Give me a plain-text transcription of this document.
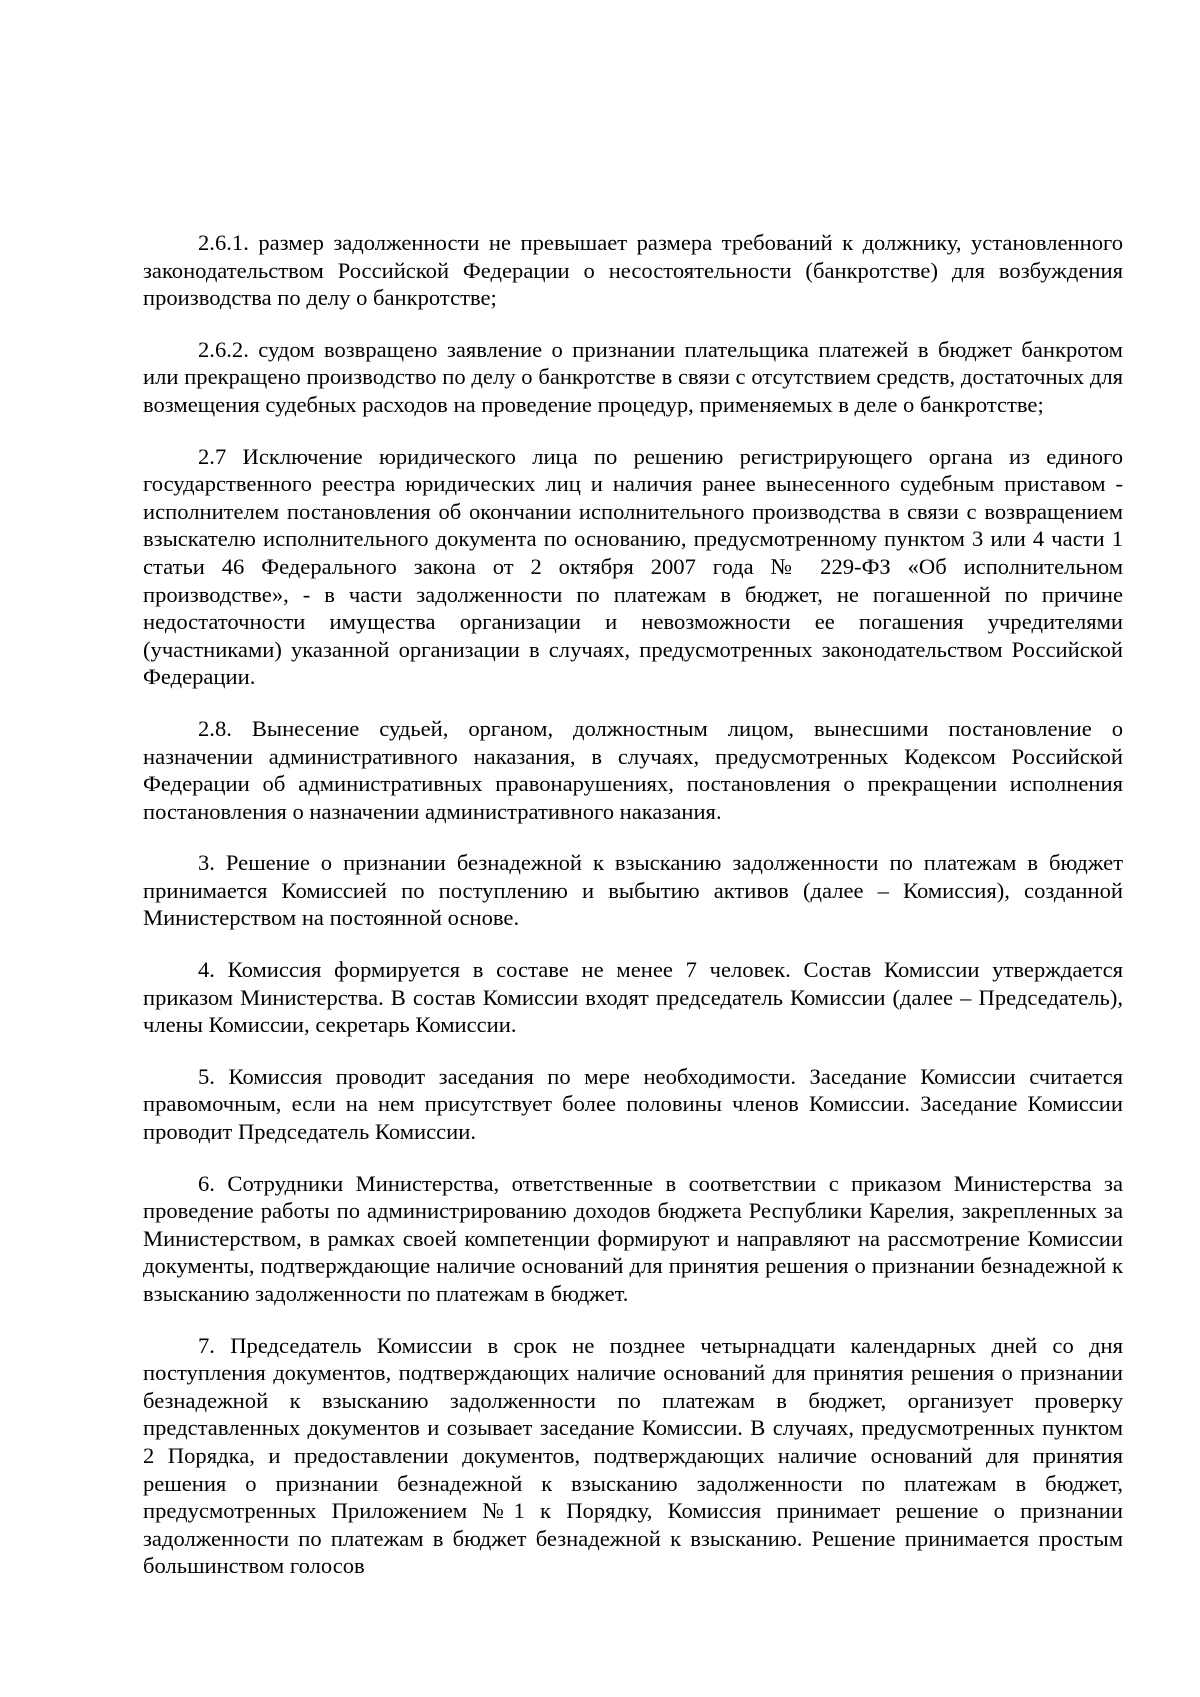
2.6.1. размер задолженности не превышает размера требований к должнику, установленного законодательством Российской Федерации о несостоятельности (банкротстве) для возбуждения производства по делу о банкротстве;

2.6.2. судом возвращено заявление о признании плательщика платежей в бюджет банкротом или прекращено производство по делу о банкротстве в связи с отсутствием средств, достаточных для возмещения судебных расходов на проведение процедур, применяемых в деле о банкротстве;

2.7 Исключение юридического лица по решению регистрирующего органа из единого государственного реестра юридических лиц и наличия ранее вынесенного судебным приставом - исполнителем постановления об окончании исполнительного производства в связи с возвращением взыскателю исполнительного документа по основанию, предусмотренному пунктом 3 или 4 части 1 статьи 46 Федерального закона от 2 октября 2007 года № 229-ФЗ «Об исполнительном производстве», - в части задолженности по платежам в бюджет, не погашенной по причине недостаточности имущества организации и невозможности ее погашения учредителями (участниками) указанной организации в случаях, предусмотренных законодательством Российской Федерации.

2.8. Вынесение судьей, органом, должностным лицом, вынесшими постановление о назначении административного наказания, в случаях, предусмотренных Кодексом Российской Федерации об административных правонарушениях, постановления о прекращении исполнения постановления о назначении административного наказания.

3. Решение о признании безнадежной к взысканию задолженности по платежам в бюджет принимается Комиссией по поступлению и выбытию активов (далее – Комиссия), созданной Министерством на постоянной основе.

4. Комиссия формируется в составе не менее 7 человек. Состав Комиссии утверждается приказом Министерства. В состав Комиссии входят председатель Комиссии (далее – Председатель), члены Комиссии, секретарь Комиссии.

5. Комиссия проводит заседания по мере необходимости. Заседание Комиссии считается правомочным, если на нем присутствует более половины членов Комиссии. Заседание Комиссии проводит Председатель Комиссии.

6. Сотрудники Министерства, ответственные в соответствии с приказом Министерства за проведение работы по администрированию доходов бюджета Республики Карелия, закрепленных за Министерством, в рамках своей компетенции формируют и направляют на рассмотрение Комиссии документы, подтверждающие наличие оснований для принятия решения о признании безнадежной к взысканию задолженности по платежам в бюджет.

7. Председатель Комиссии в срок не позднее четырнадцати календарных дней со дня поступления документов, подтверждающих наличие оснований для принятия решения о признании безнадежной к взысканию задолженности по платежам в бюджет, организует проверку представленных документов и созывает заседание Комиссии. В случаях, предусмотренных пунктом 2 Порядка, и предоставлении документов, подтверждающих наличие оснований для принятия решения о признании безнадежной к взысканию задолженности по платежам в бюджет, предусмотренных Приложением №1 к Порядку, Комиссия принимает решение о признании задолженности по платежам в бюджет безнадежной к взысканию. Решение принимается простым большинством голосов
